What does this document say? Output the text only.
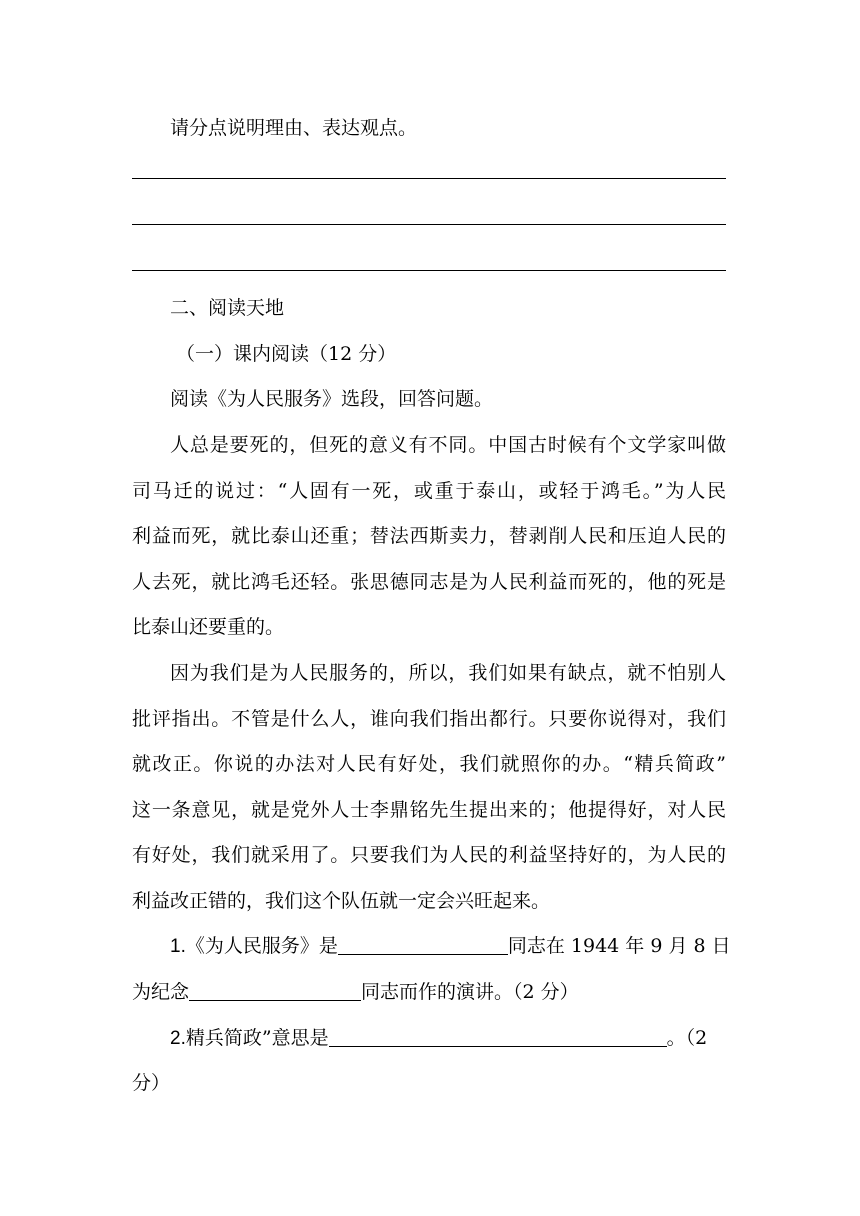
请分点说明理由、表达观点。
二、阅读天地
（一）课内阅读（12 分）
阅读《为人民服务》选段，回答问题。
人总是要死的，但死的意义有不同。中国古时候有个文学家叫做
司马迁的说过：“人固有一死，或重于泰山，或轻于鸿毛。”为人民
利益而死，就比泰山还重；替法西斯卖力，替剥削人民和压迫人民的
人去死，就比鸿毛还轻。张思德同志是为人民利益而死的，他的死是
比泰山还要重的。
因为我们是为人民服务的，所以，我们如果有缺点，就不怕别人
批评指出。不管是什么人，谁向我们指出都行。只要你说得对，我们
就改正。你说的办法对人民有好处，我们就照你的办。“精兵简政”
这一条意见，就是党外人士李鼎铭先生提出来的；他提得好，对人民
有好处，我们就采用了。只要我们为人民的利益坚持好的，为人民的
利益改正错的，我们这个队伍就一定会兴旺起来。
1.《为人民服务》是	同志在 1944 年 9 月 8 日
为纪念	同志而作的演讲。（2 分）
2.精兵简政”意思是	。（2
分）
